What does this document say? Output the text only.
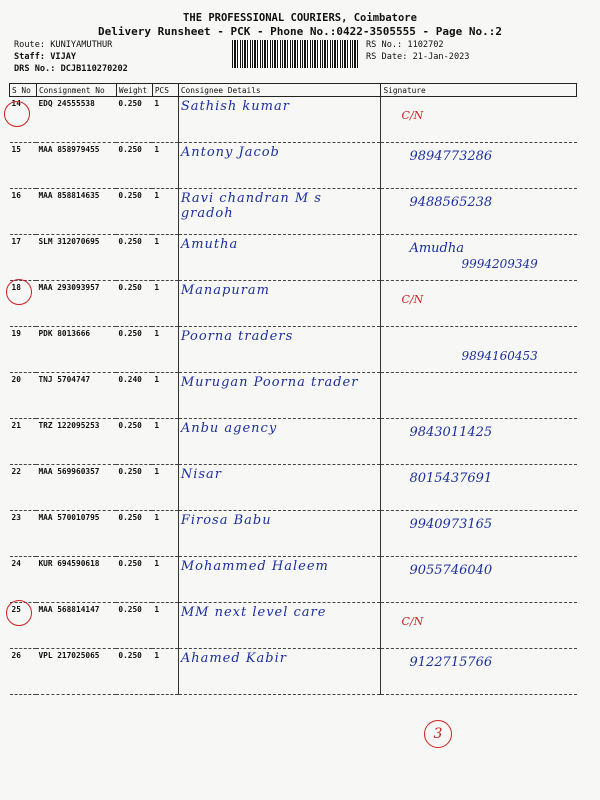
THE PROFESSIONAL COURIERS, Coimbatore
Delivery Runsheet - PCK - Phone No.:0422-3505555 - Page No.:2
Route: KUNIYAMUTHUR
Staff: VIJAY
DRS No.: DCJB110270202
RS No.: 1102702
RS Date: 21-Jan-2023
S No	Consignment No	Weight	PCS	Consignee Details	Signature
14	EDQ 24555538	0.250	1	Sathish kumar	C/N

15	MAA 858979455	0.250	1	Antony Jacob	9894773286

16	MAA 858814635	0.250	1	Ravi chandran M s gradoh	9488565238

17	SLM 312070695	0.250	1	Amutha	Amudha
9994209349

18	MAA 293093957	0.250	1	Manapuram	C/N

19	PDK 8013666	0.250	1	Poorna traders	9894160453

20	TNJ 5704747	0.240	1	Murugan Poorna trader	

21	TRZ 122095253	0.250	1	Anbu agency	9843011425

22	MAA 569960357	0.250	1	Nisar	8015437691

23	MAA 570010795	0.250	1	Firosa Babu	9940973165

24	KUR 694590618	0.250	1	Mohammed Haleem	9055746040

25	MAA 568814147	0.250	1	MM next level care	C/N

26	VPL 217025065	0.250	1	Ahamed Kabir	9122715766
3
